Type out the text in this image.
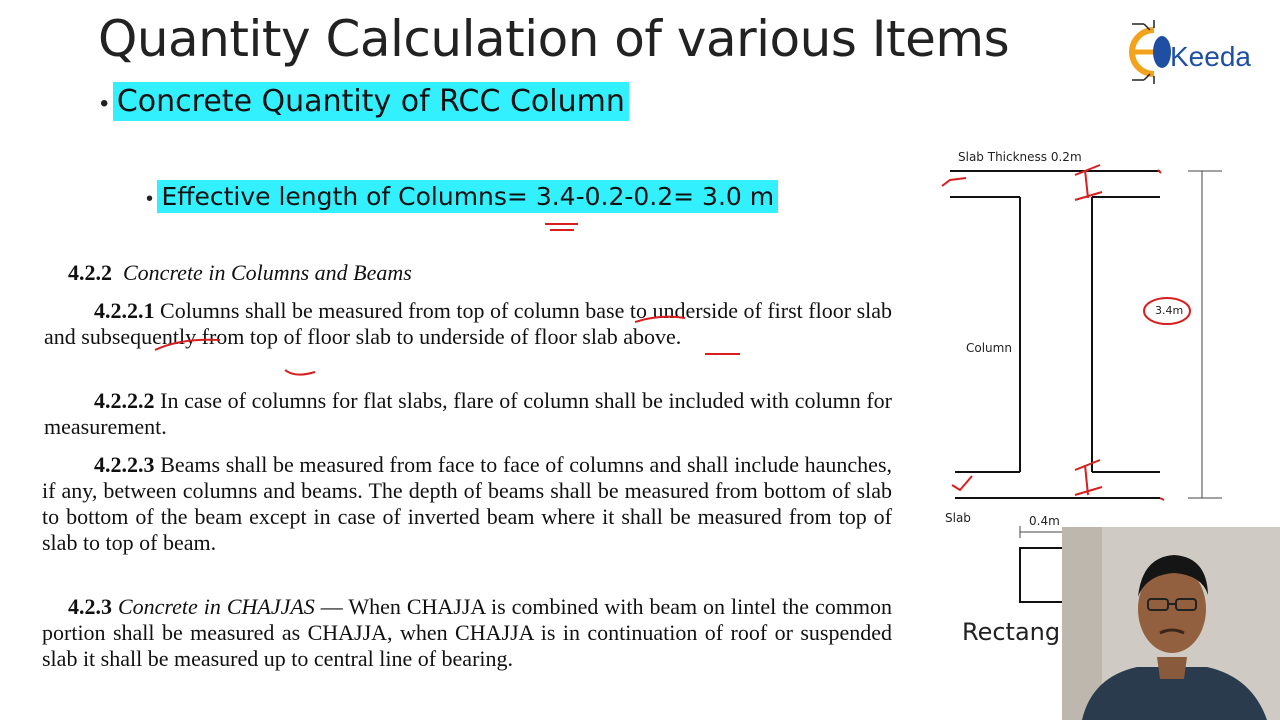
Quantity Calculation of various Items	Keeda
• Concrete Quantity of RCC Column
• Effective length of Columns= 3.4-0.2-0.2= 3.0 m

4.2.2 Concrete in Columns and Beams

4.2.2.1 Columns shall be measured from top of column base to underside of first floor slab and subsequently from top of floor slab to underside of floor slab above.

4.2.2.2 In case of columns for flat slabs, flare of column shall be included with column for measurement.

4.2.2.3 Beams shall be measured from face to face of columns and shall include haunches, if any, between columns and beams. The depth of beams shall be measured from bottom of slab to bottom of the beam except in case of inverted beam where it shall be measured from top of slab to top of beam.

4.2.3 Concrete in CHAJJAS — When CHAJJA is combined with beam on lintel the common portion shall be measured as CHAJJA, when CHAJJA is in continuation of roof or suspended slab it shall be measured up to central line of bearing.

Slab Thickness 0.2m
Column
Slab	0.4m
3.4m
Rectang
